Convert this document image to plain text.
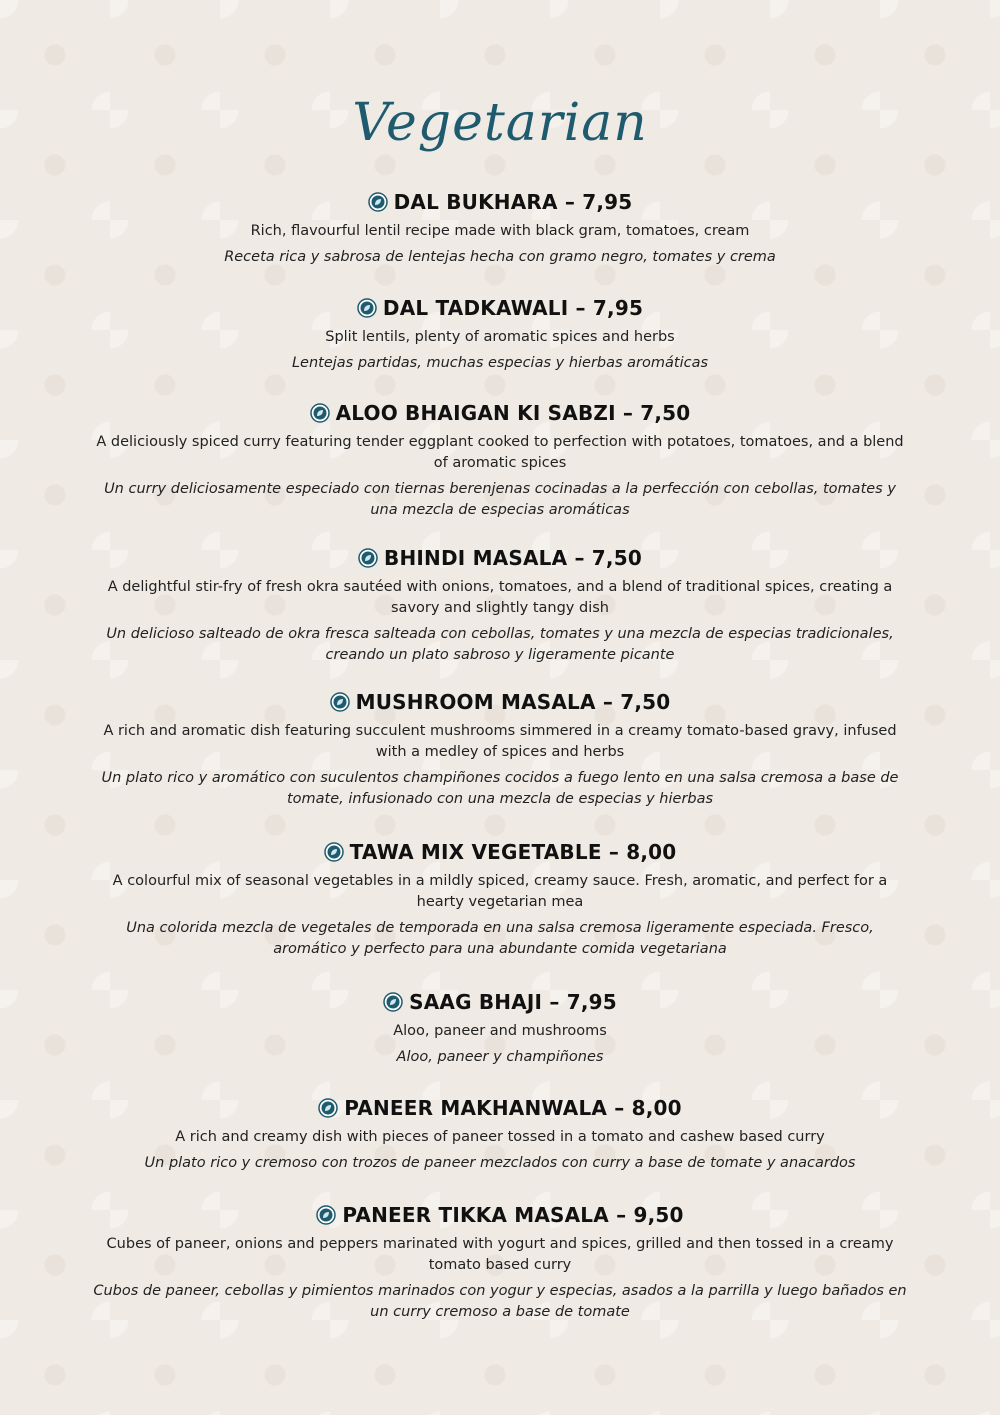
Vegetarian
DAL BUKHARA – 7,95
Rich, flavourful lentil recipe made with black gram, tomatoes, cream
Receta rica y sabrosa de lentejas hecha con gramo negro, tomates y crema
DAL TADKAWALI – 7,95
Split lentils, plenty of aromatic spices and herbs
Lentejas partidas, muchas especias y hierbas aromáticas
ALOO BHAIGAN KI SABZI – 7,50
A deliciously spiced curry featuring tender eggplant cooked to perfection with potatoes, tomatoes, and a blend of aromatic spices
Un curry deliciosamente especiado con tiernas berenjenas cocinadas a la perfección con cebollas, tomates y una mezcla de especias aromáticas
BHINDI MASALA – 7,50
A delightful stir-fry of fresh okra sautéed with onions, tomatoes, and a blend of traditional spices, creating a savory and slightly tangy dish
Un delicioso salteado de okra fresca salteada con cebollas, tomates y una mezcla de especias tradicionales, creando un plato sabroso y ligeramente picante
MUSHROOM MASALA – 7,50
A rich and aromatic dish featuring succulent mushrooms simmered in a creamy tomato-based gravy, infused with a medley of spices and herbs
Un plato rico y aromático con suculentos champiñones cocidos a fuego lento en una salsa cremosa a base de tomate, infusionado con una mezcla de especias y hierbas
TAWA MIX VEGETABLE – 8,00
A colourful mix of seasonal vegetables in a mildly spiced, creamy sauce. Fresh, aromatic, and perfect for a hearty vegetarian mea
Una colorida mezcla de vegetales de temporada en una salsa cremosa ligeramente especiada. Fresco, aromático y perfecto para una abundante comida vegetariana
SAAG BHAJI – 7,95
Aloo, paneer and mushrooms
Aloo, paneer y champiñones
PANEER MAKHANWALA – 8,00
A rich and creamy dish with pieces of paneer tossed in a tomato and cashew based curry
Un plato rico y cremoso con trozos de paneer mezclados con curry a base de tomate y anacardos
PANEER TIKKA MASALA – 9,50
Cubes of paneer, onions and peppers marinated with yogurt and spices, grilled and then tossed in a creamy tomato based curry
Cubos de paneer, cebollas y pimientos marinados con yogur y especias, asados a la parrilla y luego bañados en un curry cremoso a base de tomate
